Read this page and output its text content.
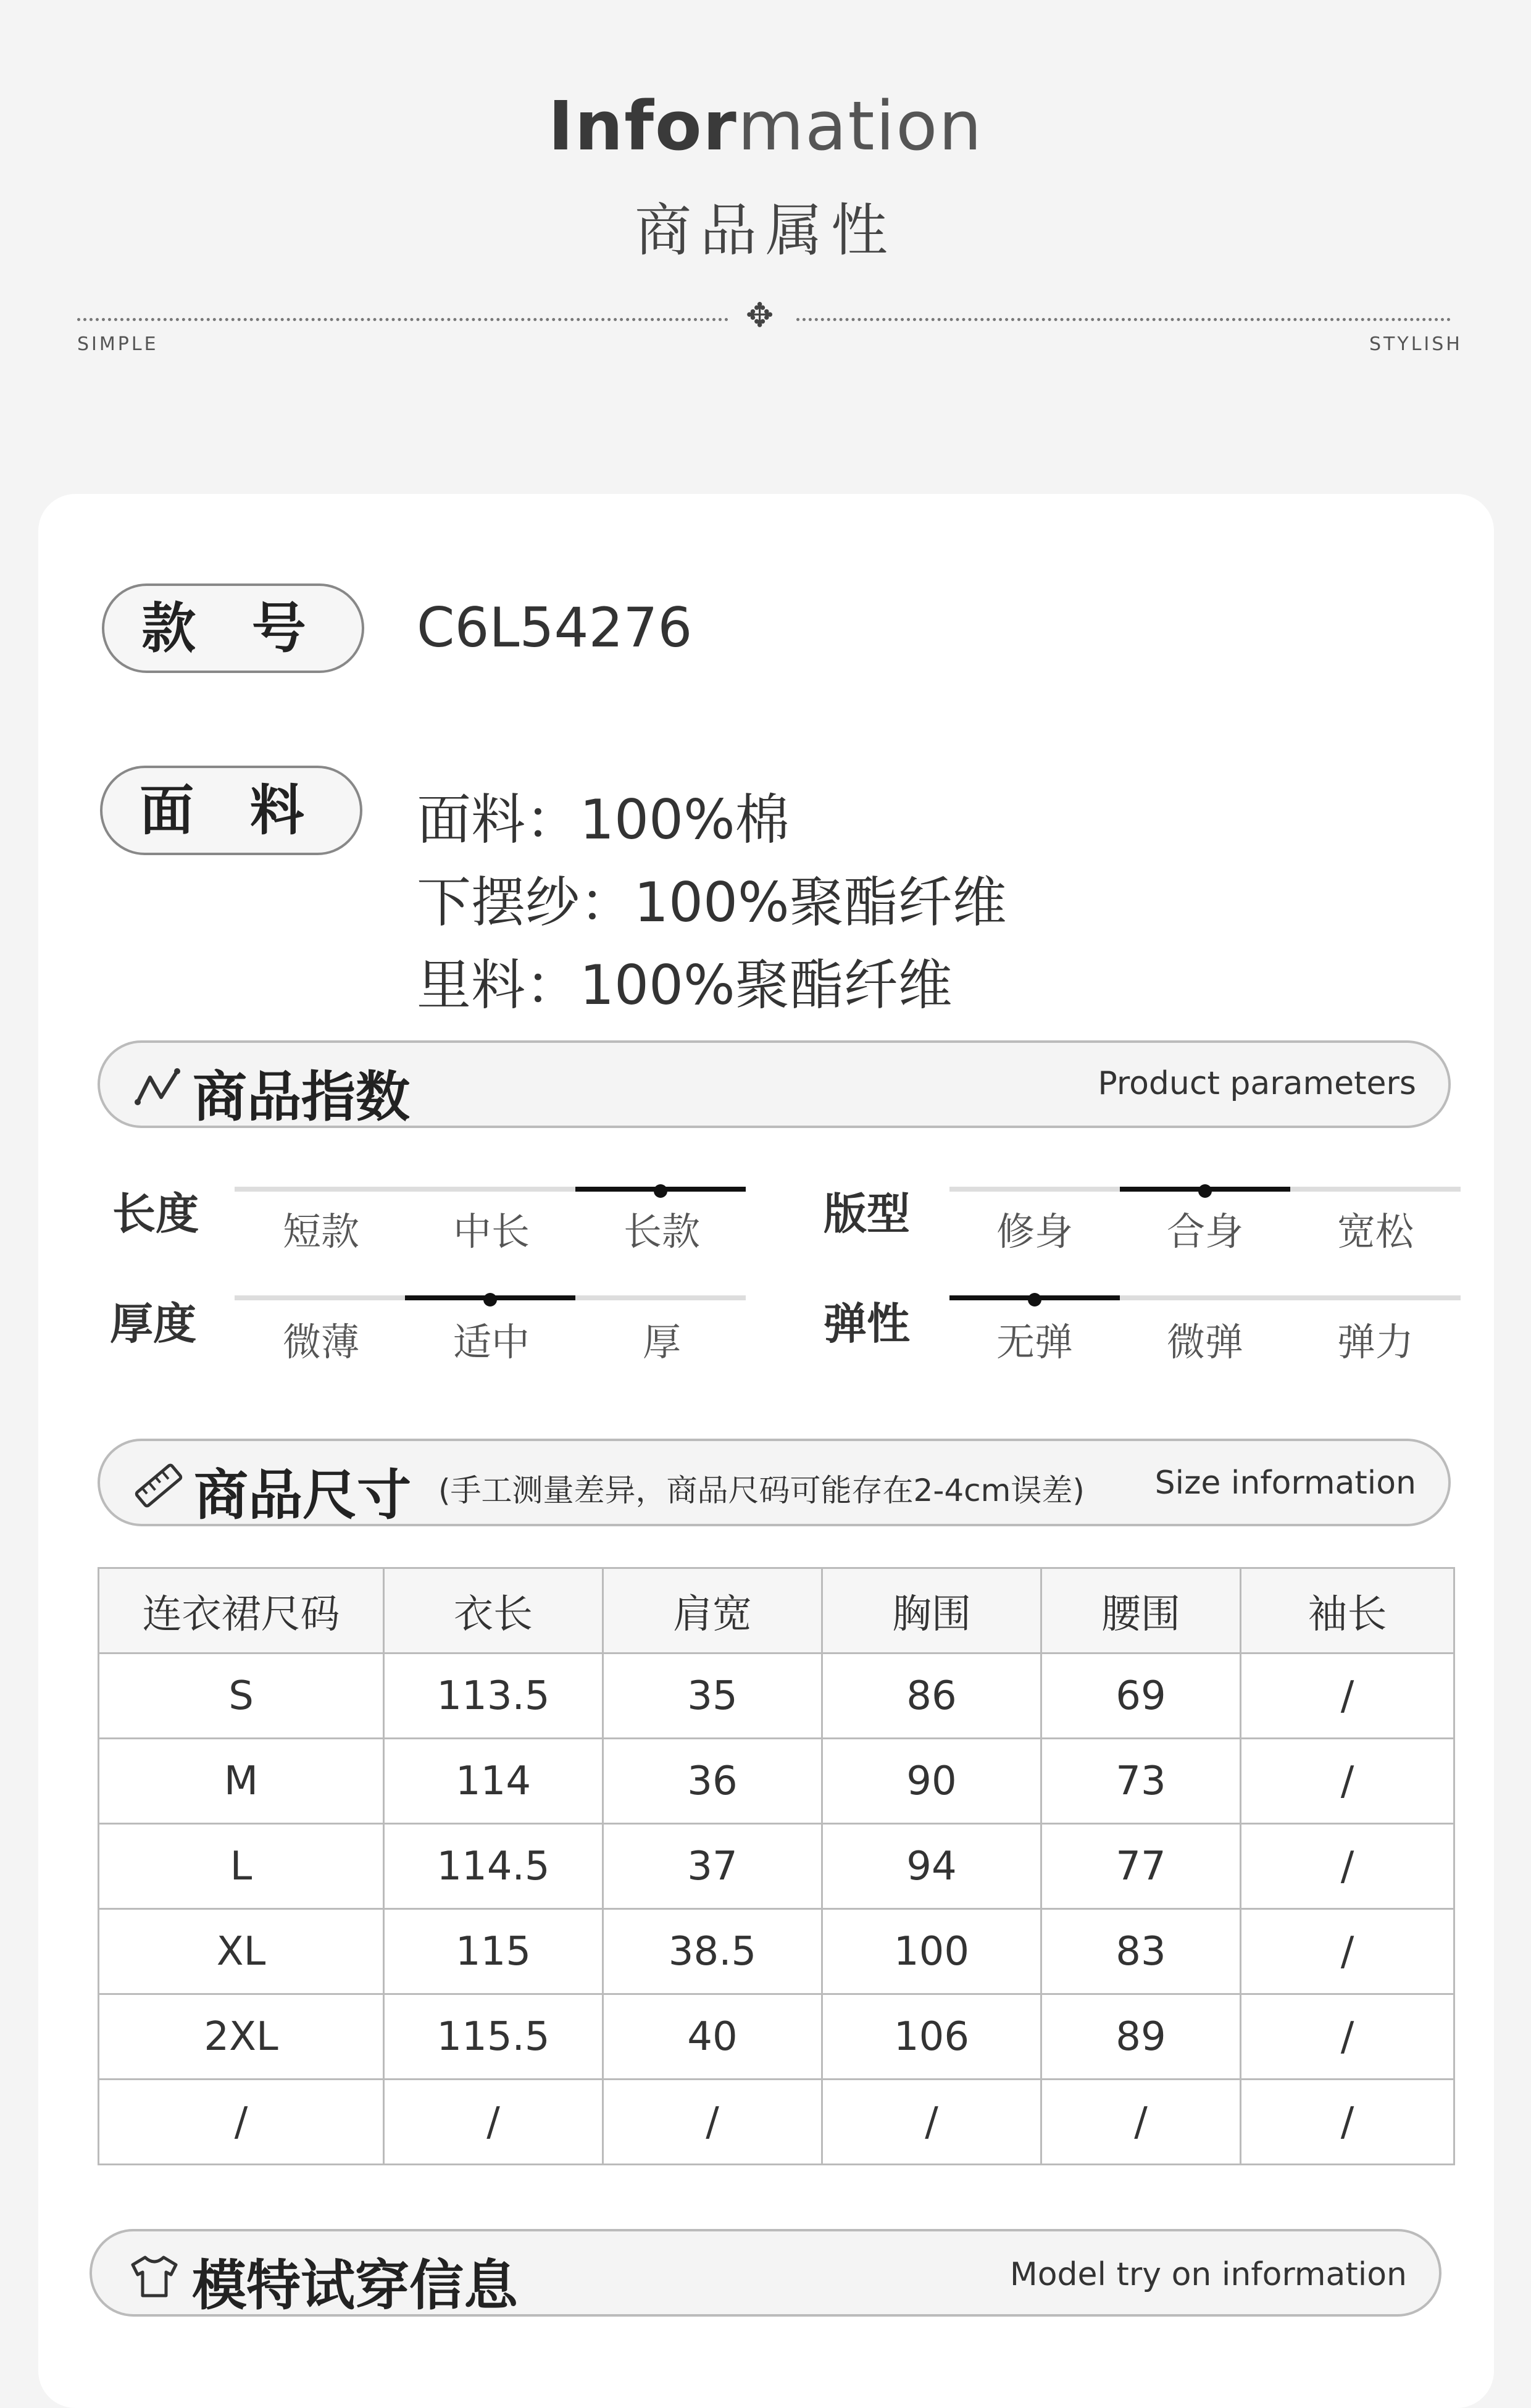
Information
商品属性
✥
SIMPLE	STYLISH
款 号	C6L54276
面 料	面料：100%棉
下摆纱：100%聚酯纤维
里料：100%聚酯纤维
商品指数	Product parameters
长度	短款	中长	长款	版型	修身	合身	宽松
厚度	微薄	适中	厚	弹性	无弹	微弹	弹力
商品尺寸 (手工测量差异，商品尺码可能存在2-4cm误差) Size information
连衣裙尺码	衣长	肩宽	胸围	腰围	袖长
S	113.5	35	86	69	/
M	114	36	90	73	/
L	114.5	37	94	77	/
XL	115	38.5	100	83	/
2XL	115.5	40	106	89	/
/	/	/	/	/	/
模特试穿信息	Model try on information
